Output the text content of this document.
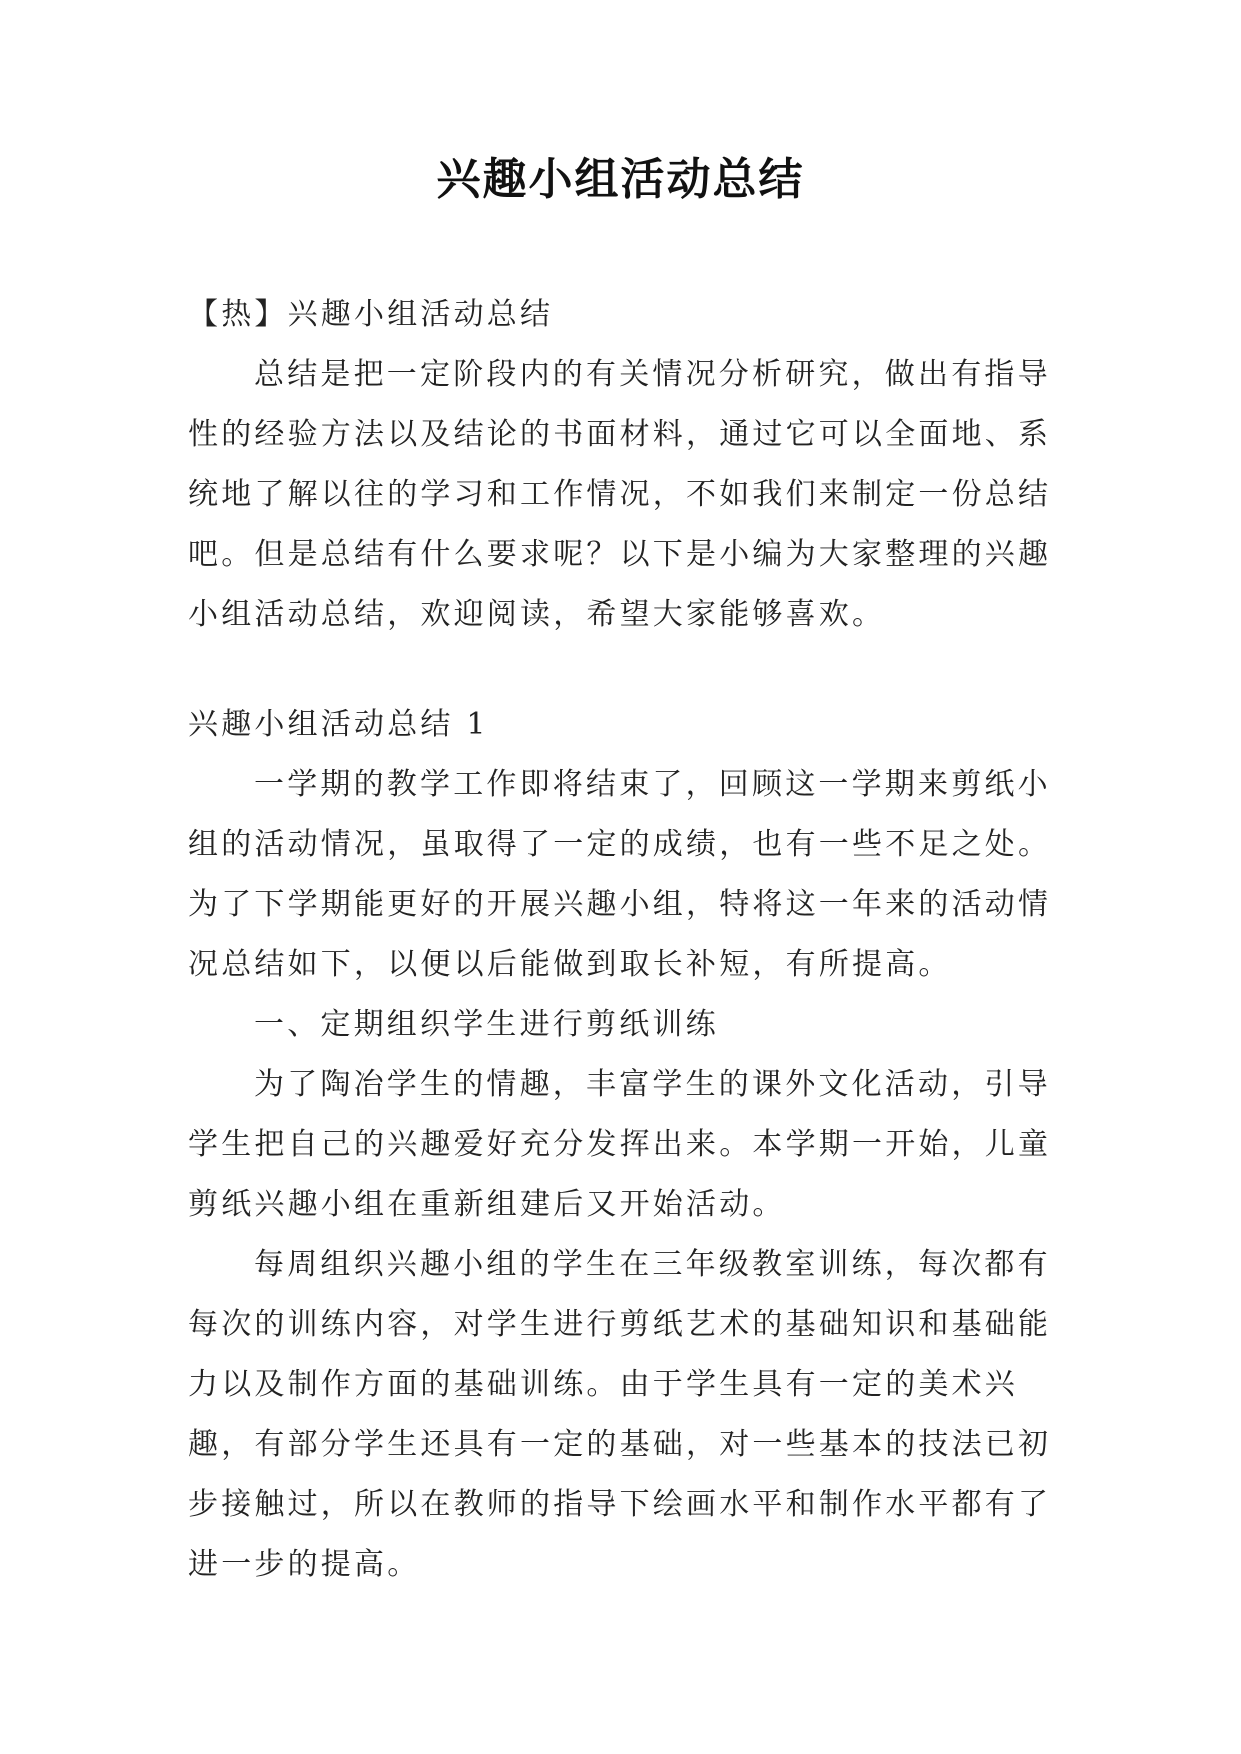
兴趣小组活动总结

【热】兴趣小组活动总结

总结是把一定阶段内的有关情况分析研究，做出有指导性的经验方法以及结论的书面材料，通过它可以全面地、系统地了解以往的学习和工作情况，不如我们来制定一份总结吧。但是总结有什么要求呢？以下是小编为大家整理的兴趣小组活动总结，欢迎阅读，希望大家能够喜欢。

兴趣小组活动总结 1

一学期的教学工作即将结束了，回顾这一学期来剪纸小组的活动情况，虽取得了一定的成绩，也有一些不足之处。为了下学期能更好的开展兴趣小组，特将这一年来的活动情况总结如下，以便以后能做到取长补短，有所提高。

一、定期组织学生进行剪纸训练

为了陶冶学生的情趣，丰富学生的课外文化活动，引导学生把自己的兴趣爱好充分发挥出来。本学期一开始，儿童剪纸兴趣小组在重新组建后又开始活动。

每周组织兴趣小组的学生在三年级教室训练，每次都有每次的训练内容，对学生进行剪纸艺术的基础知识和基础能力以及制作方面的基础训练。由于学生具有一定的美术兴趣，有部分学生还具有一定的基础，对一些基本的技法已初步接触过，所以在教师的指导下绘画水平和制作水平都有了进一步的提高。
